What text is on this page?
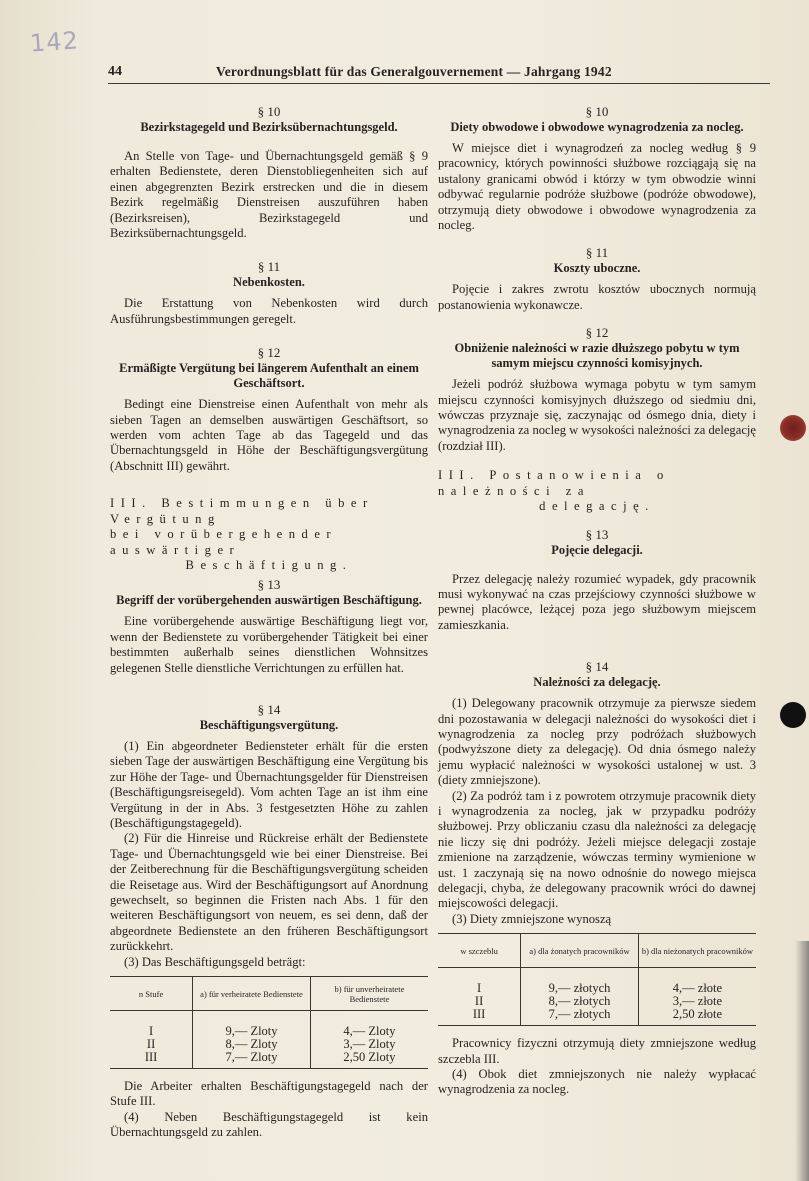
142
44	Verordnungsblatt für das Generalgouvernement — Jahrgang 1942
§ 10
Bezirkstagegeld und Bezirksübernachtungsgeld.

An Stelle von Tage- und Übernachtungsgeld gemäß § 9 erhalten Bedienstete, deren Dienstobliegenheiten sich auf einen abgegrenzten Bezirk erstrecken und die in diesem Bezirk regelmäßig Dienstreisen auszuführen haben (Bezirksreisen), Bezirkstagegeld und Bezirksübernachtungsgeld.

§ 11
Nebenkosten.

Die Erstattung von Nebenkosten wird durch Ausführungsbestimmungen geregelt.

§ 12
Ermäßigte Vergütung bei längerem Aufenthalt an einem Geschäftsort.

Bedingt eine Dienstreise einen Aufenthalt von mehr als sieben Tagen an demselben auswärtigen Geschäftsort, so werden vom achten Tage ab das Tagegeld und das Übernachtungsgeld in Höhe der Beschäftigungsvergütung (Abschnitt III) gewährt.

III. Bestimmungen über Vergütung
bei vorübergehender auswärtiger
Beschäftigung.
§ 13
Begriff der vorübergehenden auswärtigen Beschäftigung.

Eine vorübergehende auswärtige Beschäftigung liegt vor, wenn der Bedienstete zu vorübergehender Tätigkeit bei einer bestimmten außerhalb seines dienstlichen Wohnsitzes gelegenen Stelle dienstliche Verrichtungen zu erfüllen hat.

§ 14
Beschäftigungsvergütung.

(1) Ein abgeordneter Bediensteter erhält für die ersten sieben Tage der auswärtigen Beschäftigung eine Vergütung bis zur Höhe der Tage- und Übernachtungsgelder für Dienstreisen (Beschäftigungsreisegeld). Vom achten Tage an ist ihm eine Vergütung in der in Abs. 3 festgesetzten Höhe zu zahlen (Beschäftigungstagegeld).

(2) Für die Hinreise und Rückreise erhält der Bedienstete Tage- und Übernachtungsgeld wie bei einer Dienstreise. Bei der Zeitberechnung für die Beschäftigungsvergütung scheiden die Reisetage aus. Wird der Beschäftigungsort auf Anordnung gewechselt, so beginnen die Fristen nach Abs. 1 für den weiteren Beschäftigungsort von neuem, es sei denn, daß der abgeordnete Bedienstete an den früheren Beschäftigungsort zurückkehrt.

(3) Das Beschäftigungsgeld beträgt:

n Stufe	a) für verheiratete Bedienstete	b) für unverheiratete Bedienstete
I	9,— Zloty	4,— Zloty
II	8,— Zloty	3,— Zloty
III	7,— Zloty	2,50 Zloty

Die Arbeiter erhalten Beschäftigungstagegeld nach der Stufe III.

(4) Neben Beschäftigungstagegeld ist kein Übernachtungsgeld zu zahlen.

§ 10
Diety obwodowe i obwodowe wynagrodzenia za nocleg.

W miejsce diet i wynagrodzeń za nocleg według § 9 pracownicy, których powinności służbowe rozciągają się na ustalony granicami obwód i którzy w tym obwodzie winni odbywać regularnie podróże służbowe (podróże obwodowe), otrzymują diety obwodowe i obwodowe wynagrodzenia za nocleg.

§ 11
Koszty uboczne.

Pojęcie i zakres zwrotu kosztów ubocznych normują postanowienia wykonawcze.

§ 12
Obniżenie należności w razie dłuższego pobytu w tym samym miejscu czynności komisyjnych.

Jeżeli podróż służbowa wymaga pobytu w tym samym miejscu czynności komisyjnych dłuższego od siedmiu dni, wówczas przyznaje się, zaczynając od ósmego dnia, diety i wynagrodzenia za nocleg w wysokości należności za delegację (rozdział III).

III. Postanowienia o należności za
delegację.
§ 13
Pojęcie delegacji.

Przez delegację należy rozumieć wypadek, gdy pracownik musi wykonywać na czas przejściowy czynności służbowe w pewnej placówce, leżącej poza jego służbowym miejscem zamieszkania.

§ 14
Należności za delegację.

(1) Delegowany pracownik otrzymuje za pierwsze siedem dni pozostawania w delegacji należności do wysokości diet i wynagrodzenia za nocleg przy podróżach służbowych (podwyższone diety za delegację). Od dnia ósmego należy jemu wypłacić należności w wysokości ustalonej w ust. 3 (diety zmniejszone).

(2) Za podróż tam i z powrotem otrzymuje pracownik diety i wynagrodzenia za nocleg, jak w przypadku podróży służbowej. Przy obliczaniu czasu dla należności za delegację nie liczy się dni podróży. Jeżeli miejsce delegacji zostaje zmienione na zarządzenie, wówczas terminy wymienione w ust. 1 zaczynają się na nowo odnośnie do nowego miejsca delegacji, chyba, że delegowany pracownik wróci do dawnej miejscowości delegacji.

(3) Diety zmniejszone wynoszą

w szczeblu	a) dla żonatych pracowników	b) dla nieżonatych pracowników
I	9,— złotych	4,— złote
II	8,— złotych	3,— złote
III	7,— złotych	2,50 złote

Pracownicy fizyczni otrzymują diety zmniejszone według szczebla III.

(4) Obok diet zmniejszonych nie należy wypłacać wynagrodzenia za nocleg.
